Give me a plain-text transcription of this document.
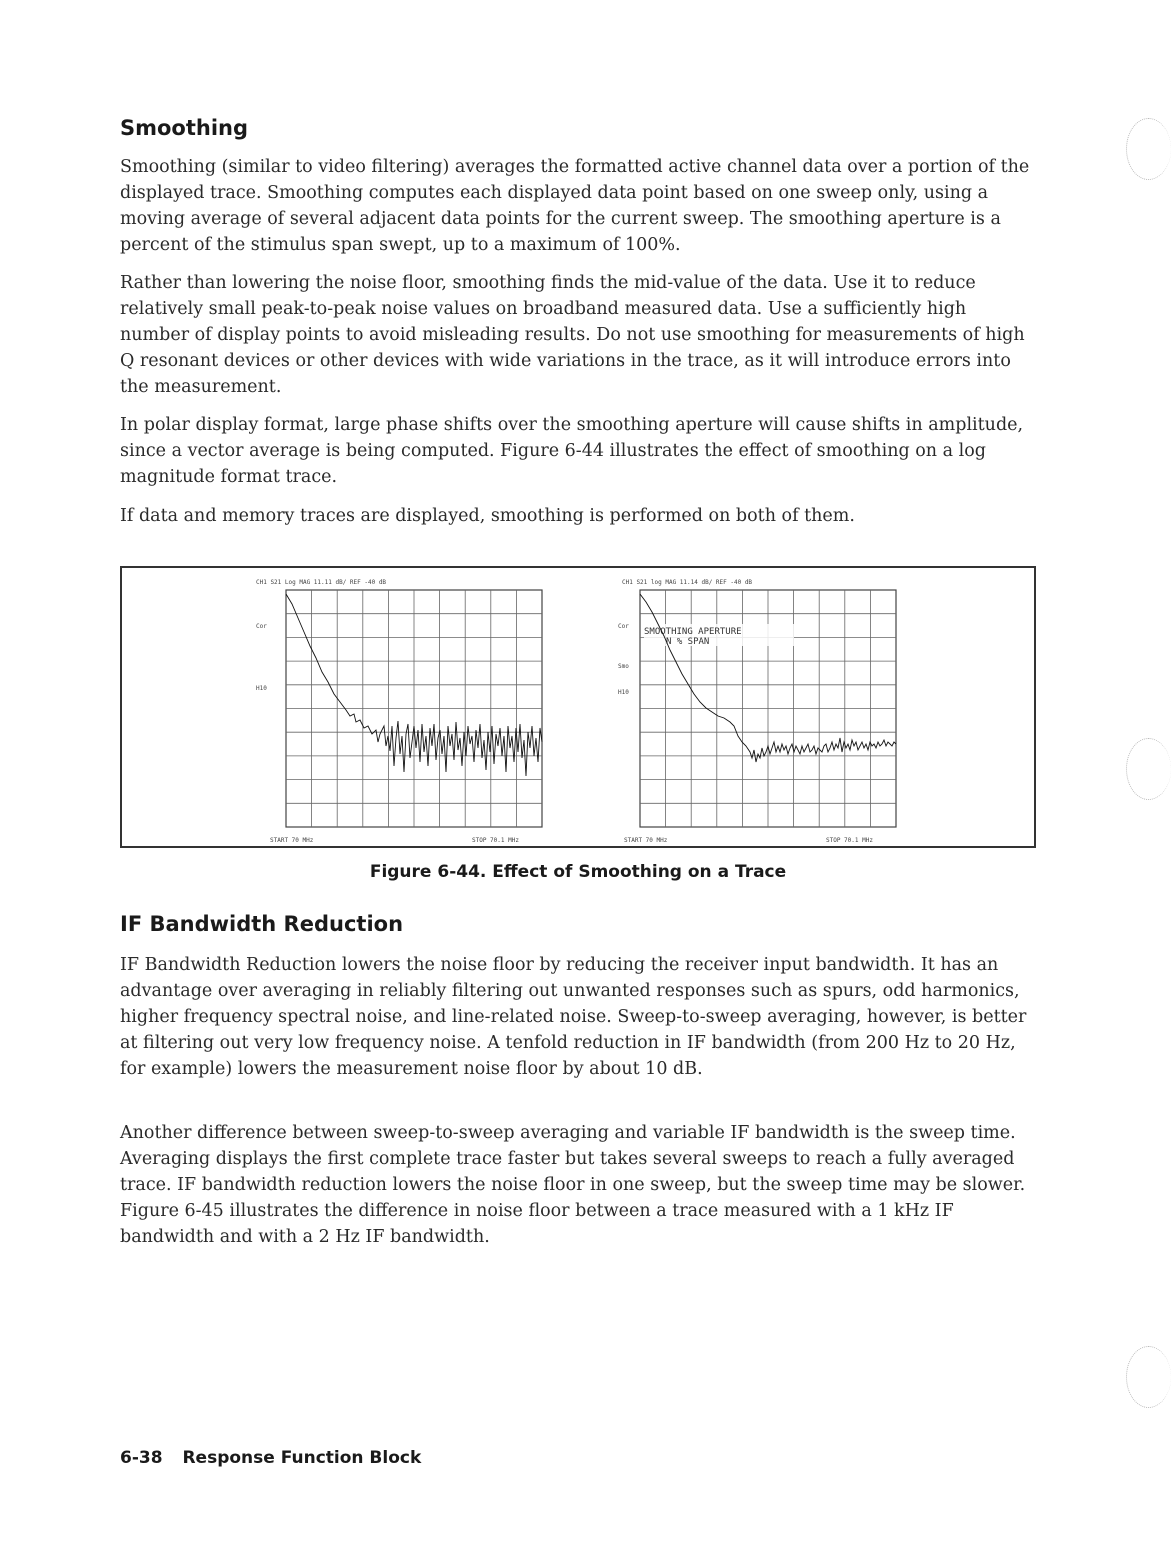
Smoothing

Smoothing (similar to video filtering) averages the formatted active channel data over a portion of the displayed trace. Smoothing computes each displayed data point based on one sweep only, using a moving average of several adjacent data points for the current sweep. The smoothing aperture is a percent of the stimulus span swept, up to a maximum of 100%.

Rather than lowering the noise floor, smoothing finds the mid-value of the data. Use it to reduce relatively small peak-to-peak noise values on broadband measured data. Use a sufficiently high number of display points to avoid misleading results. Do not use smoothing for measurements of high Q resonant devices or other devices with wide variations in the trace, as it will introduce errors into the measurement.

In polar display format, large phase shifts over the smoothing aperture will cause shifts in amplitude, since a vector average is being computed. Figure 6-44 illustrates the effect of smoothing on a log magnitude format trace.

If data and memory traces are displayed, smoothing is performed on both of them.

CH1 S21 Log MAG 11.11 dB/ REF -40 dB
Cor
H10
START 70 MHz	STOP 70.1 MHz
CH1 S21 log MAG 11.14 dB/ REF -40 dB
Cor
Smo
H10
SMOOTHING APERTURE
N % SPAN
START 70 MHz	STOP 70.1 MHz

Figure 6-44. Effect of Smoothing on a Trace

IF Bandwidth Reduction

IF Bandwidth Reduction lowers the noise floor by reducing the receiver input bandwidth. It has an advantage over averaging in reliably filtering out unwanted responses such as spurs, odd harmonics, higher frequency spectral noise, and line-related noise. Sweep-to-sweep averaging, however, is better at filtering out very low frequency noise. A tenfold reduction in IF bandwidth (from 200 Hz to 20 Hz, for example) lowers the measurement noise floor by about 10 dB.

Another difference between sweep-to-sweep averaging and variable IF bandwidth is the sweep time. Averaging displays the first complete trace faster but takes several sweeps to reach a fully averaged trace. IF bandwidth reduction lowers the noise floor in one sweep, but the sweep time may be slower. Figure 6-45 illustrates the difference in noise floor between a trace measured with a 1 kHz IF bandwidth and with a 2 Hz IF bandwidth.

6-38 Response Function Block
